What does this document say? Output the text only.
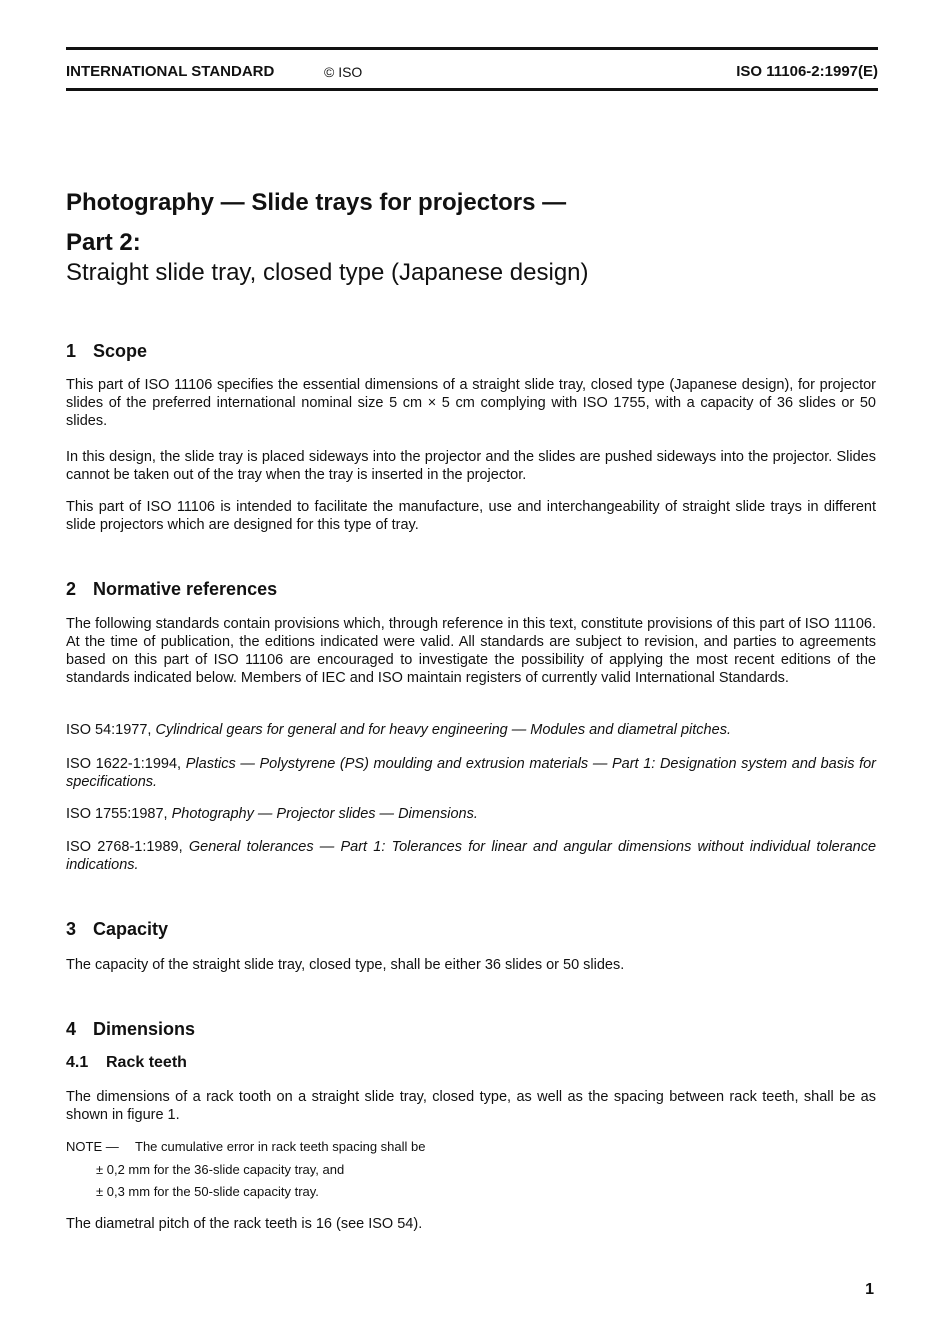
INTERNATIONAL STANDARD	© ISO	ISO 11106-2:1997(E)
Photography — Slide trays for projectors —
Part 2:
Straight slide tray, closed type (Japanese design)
1 Scope
This part of ISO 11106 specifies the essential dimensions of a straight slide tray, closed type (Japanese design), for projector slides of the preferred international nominal size 5 cm × 5 cm complying with ISO 1755, with a capacity of 36 slides or 50 slides.
In this design, the slide tray is placed sideways into the projector and the slides are pushed sideways into the projector. Slides cannot be taken out of the tray when the tray is inserted in the projector.
This part of ISO 11106 is intended to facilitate the manufacture, use and interchangeability of straight slide trays in different slide projectors which are designed for this type of tray.
2 Normative references
The following standards contain provisions which, through reference in this text, constitute provisions of this part of ISO 11106. At the time of publication, the editions indicated were valid. All standards are subject to revision, and parties to agreements based on this part of ISO 11106 are encouraged to investigate the possibility of applying the most recent editions of the standards indicated below. Members of IEC and ISO maintain registers of currently valid International Standards.
ISO 54:1977, Cylindrical gears for general and for heavy engineering — Modules and diametral pitches.
ISO 1622-1:1994, Plastics — Polystyrene (PS) moulding and extrusion materials — Part 1: Designation system and basis for specifications.
ISO 1755:1987, Photography — Projector slides — Dimensions.
ISO 2768-1:1989, General tolerances — Part 1: Tolerances for linear and angular dimensions without individual tolerance indications.
3 Capacity
The capacity of the straight slide tray, closed type, shall be either 36 slides or 50 slides.
4 Dimensions
4.1 Rack teeth
The dimensions of a rack tooth on a straight slide tray, closed type, as well as the spacing between rack teeth, shall be as shown in figure 1.
NOTE — The cumulative error in rack teeth spacing shall be
± 0,2 mm for the 36-slide capacity tray, and
± 0,3 mm for the 50-slide capacity tray.
The diametral pitch of the rack teeth is 16 (see ISO 54).
1
